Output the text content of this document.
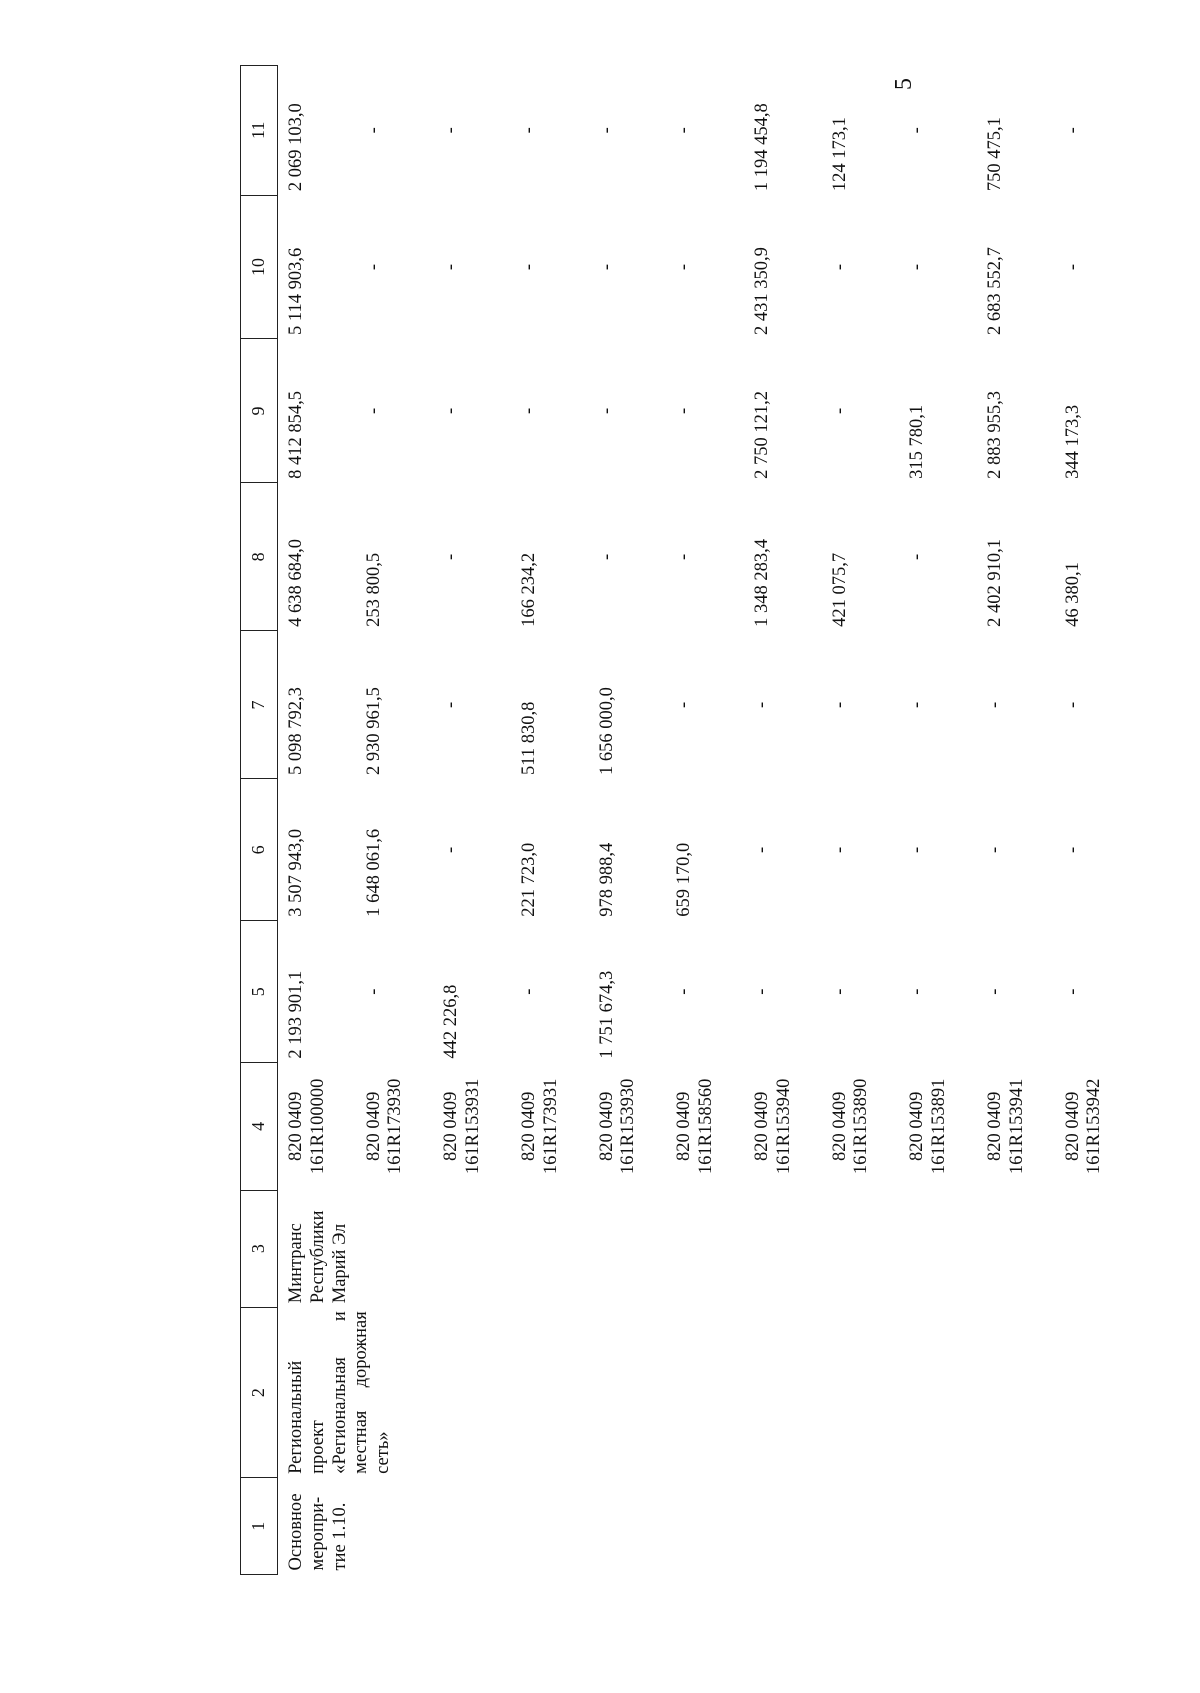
5
1	2	3	4	5	6	7	8	9	10	11
Основное меропри-тие 1.10.	Региональный проект «Региональная и местная дорожная сеть»	Минтранс Республики Марий Эл	820 0409 161R100000	2 193 901,1	3 507 943,0	5 098 792,3	4 638 684,0	8 412 854,5	5 114 903,6	2 069 103,0

			820 0409 161R173930	-	1 648 061,6	2 930 961,5	253 800,5	-	-	-

			820 0409 161R153931	442 226,8	-	-	-	-	-	-

			820 0409 161R173931	-	221 723,0	511 830,8	166 234,2	-	-	-

			820 0409 161R153930	1 751 674,3	978 988,4	1 656 000,0	-	-	-	-

			820 0409 161R158560	-	659 170,0	-	-	-	-	-

			820 0409 161R153940	-	-	-	1 348 283,4	2 750 121,2	2 431 350,9	1 194 454,8

			820 0409 161R153890	-	-	-	421 075,7	-	-	124 173,1

			820 0409 161R153891	-	-	-	-	315 780,1	-	-

			820 0409 161R153941	-	-	-	2 402 910,1	2 883 955,3	2 683 552,7	750 475,1

			820 0409 161R153942	-	-	-	46 380,1	344 173,3	-	-
